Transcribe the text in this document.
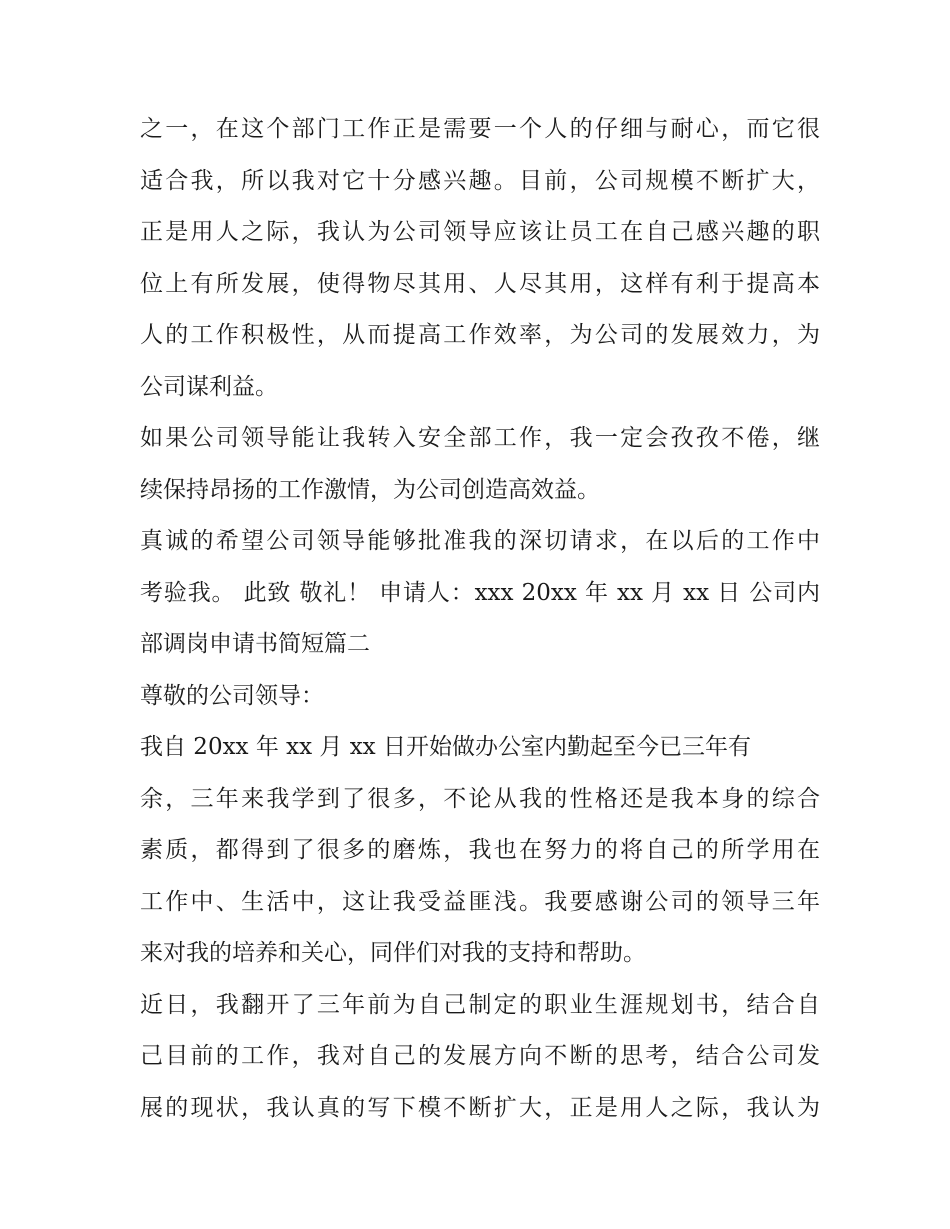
之一，在这个部门工作正是需要一个人的仔细与耐心，而它很
适合我，所以我对它十分感兴趣。目前，公司规模不断扩大，
正是用人之际，我认为公司领导应该让员工在自己感兴趣的职
位上有所发展，使得物尽其用、人尽其用，这样有利于提高本
人的工作积极性，从而提高工作效率，为公司的发展效力，为
公司谋利益。
如果公司领导能让我转入安全部工作，我一定会孜孜不倦，继
续保持昂扬的工作激情，为公司创造高效益。
真诚的希望公司领导能够批准我的深切请求，在以后的工作中
考验我。 此致 敬礼！ 申请人：xxx 20xx 年 xx 月 xx 日 公司内
部调岗申请书简短篇二
尊敬的公司领导：
我自 20xx 年 xx 月 xx 日开始做办公室内勤起至今已三年有
余，三年来我学到了很多，不论从我的性格还是我本身的综合
素质，都得到了很多的磨炼，我也在努力的将自己的所学用在
工作中、生活中，这让我受益匪浅。我要感谢公司的领导三年
来对我的培养和关心，同伴们对我的支持和帮助。
近日，我翻开了三年前为自己制定的职业生涯规划书，结合自
己目前的工作，我对自己的发展方向不断的思考，结合公司发
展的现状，我认真的写下模不断扩大，正是用人之际，我认为
